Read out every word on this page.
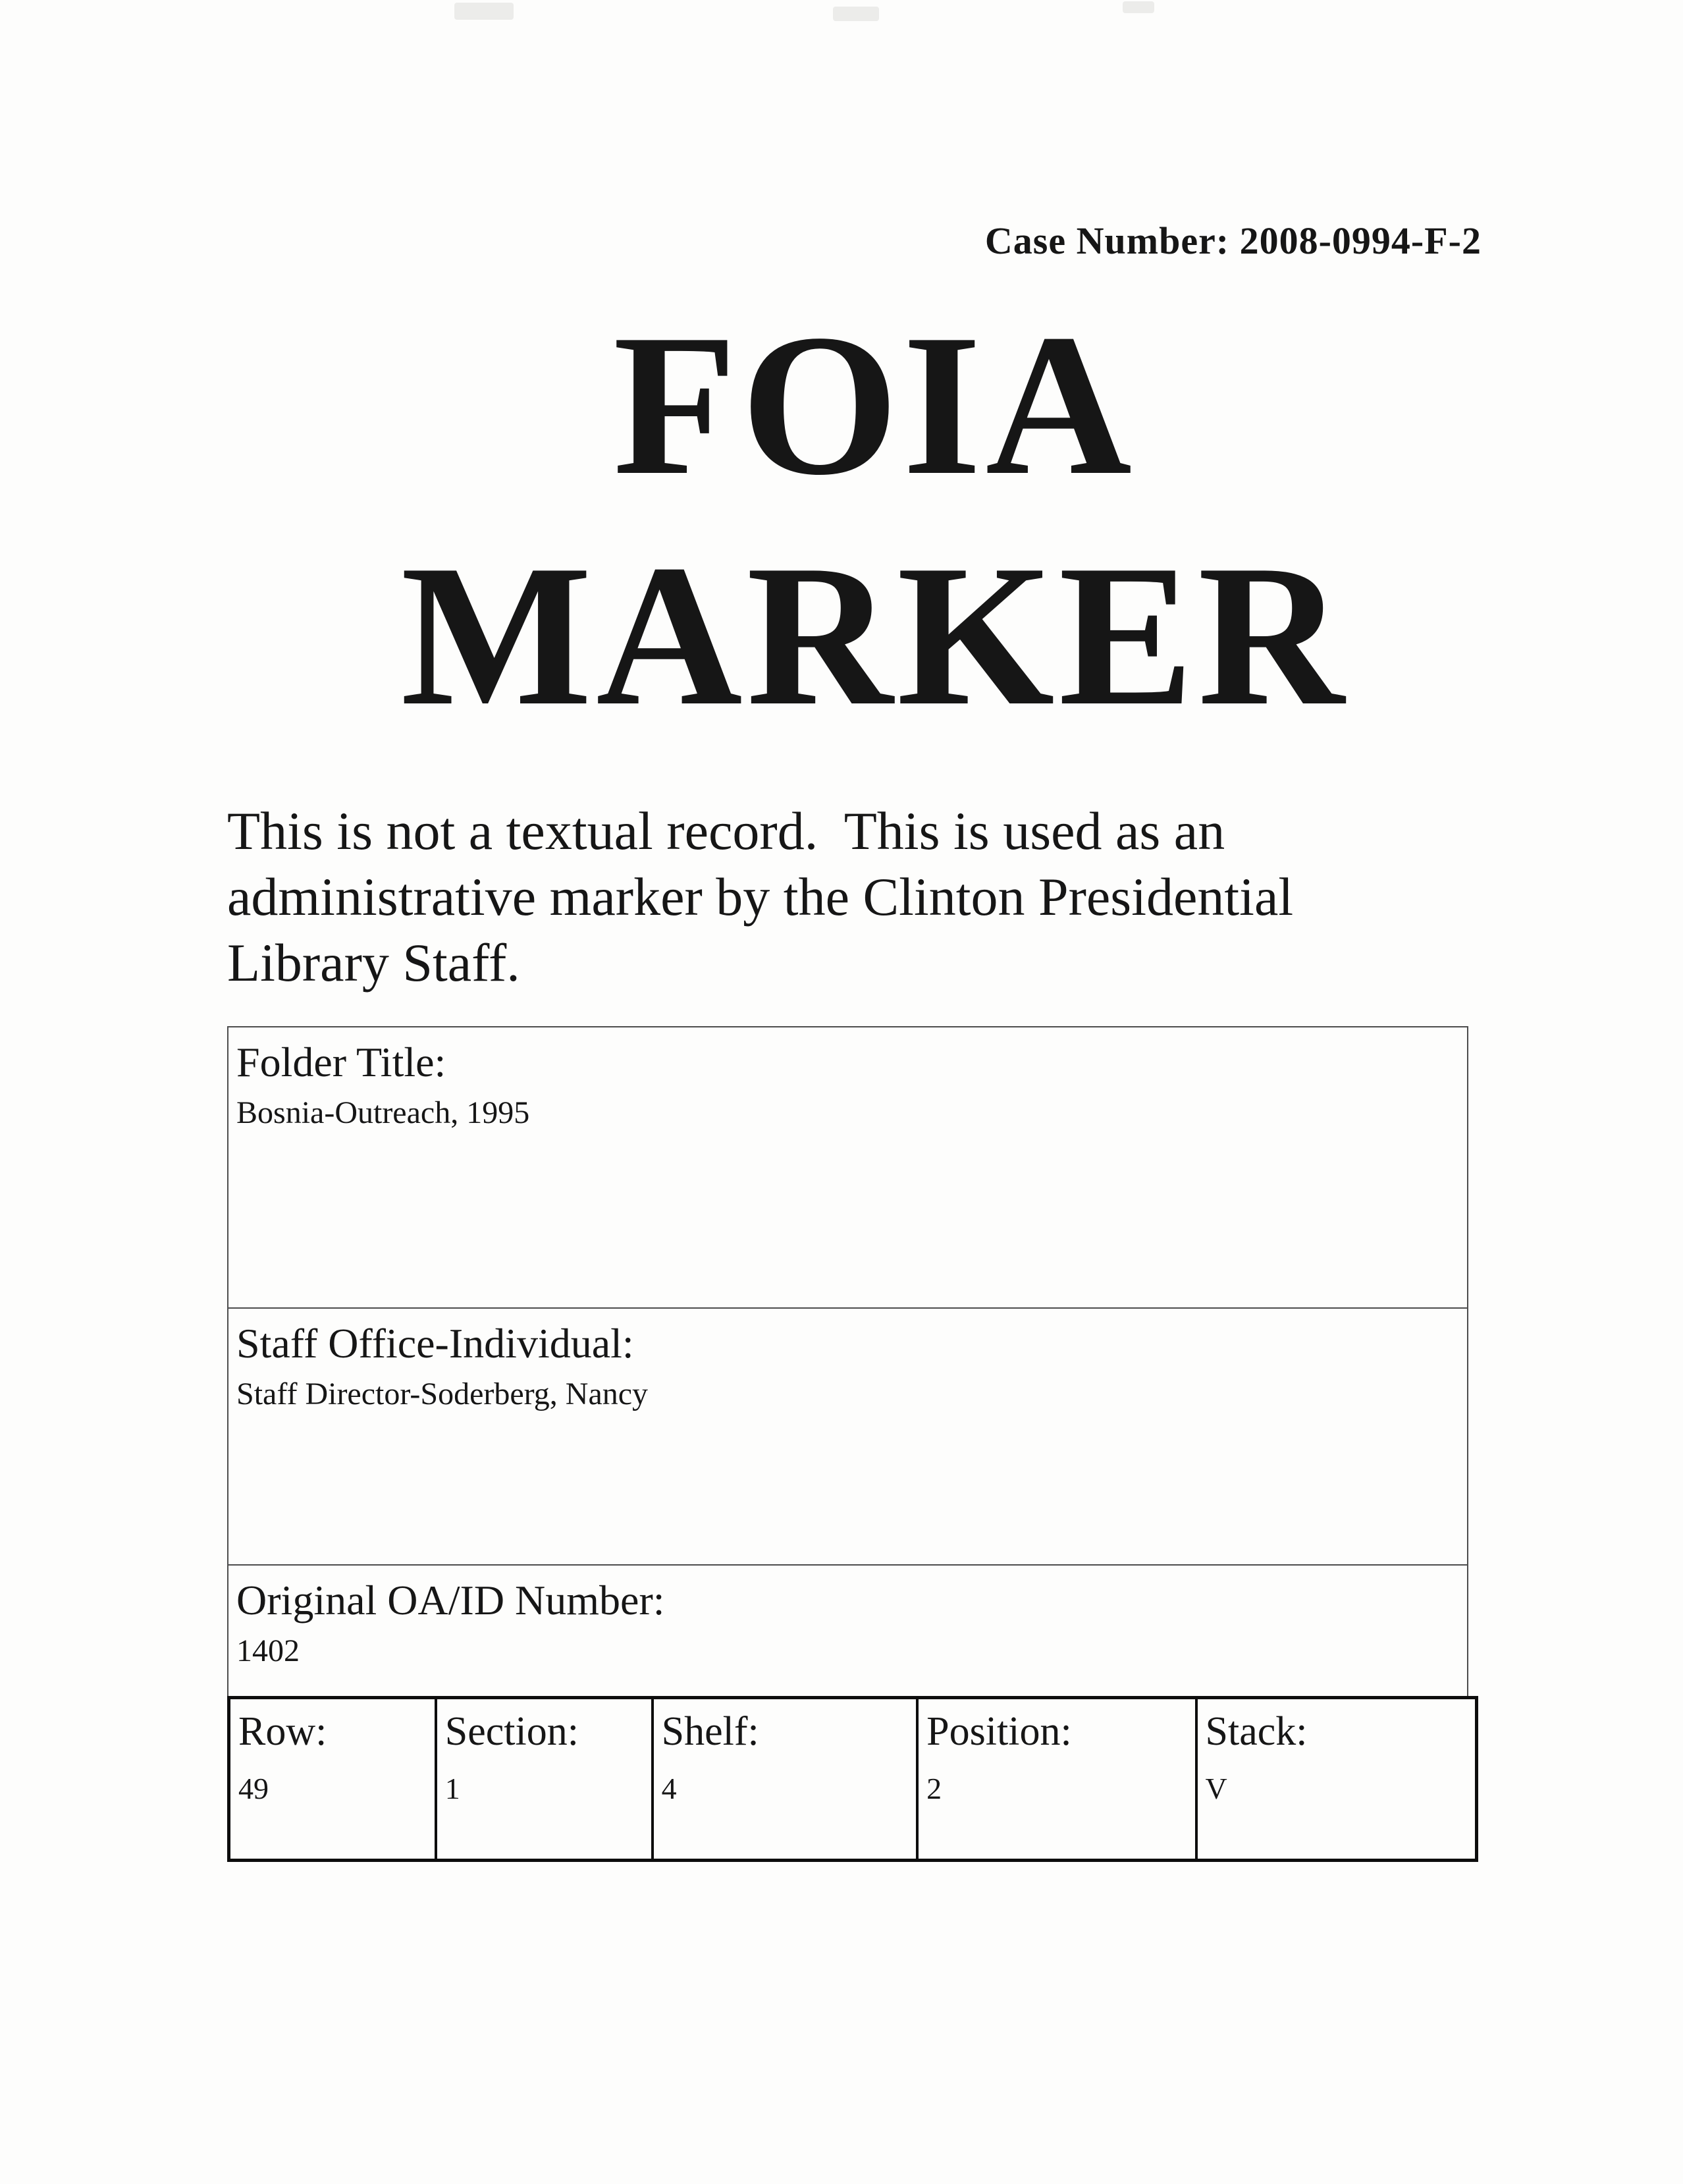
Case Number: 2008-0994-F-2
FOIA
MARKER
This is not a textual record.  This is used as an
administrative marker by the Clinton Presidential
Library Staff.
Folder Title:
Bosnia-Outreach, 1995
Staff Office-Individual:
Staff Director-Soderberg, Nancy
Original OA/ID Number:
1402
Row:
49
Section:
1
Shelf:
4
Position:
2
Stack:
V
